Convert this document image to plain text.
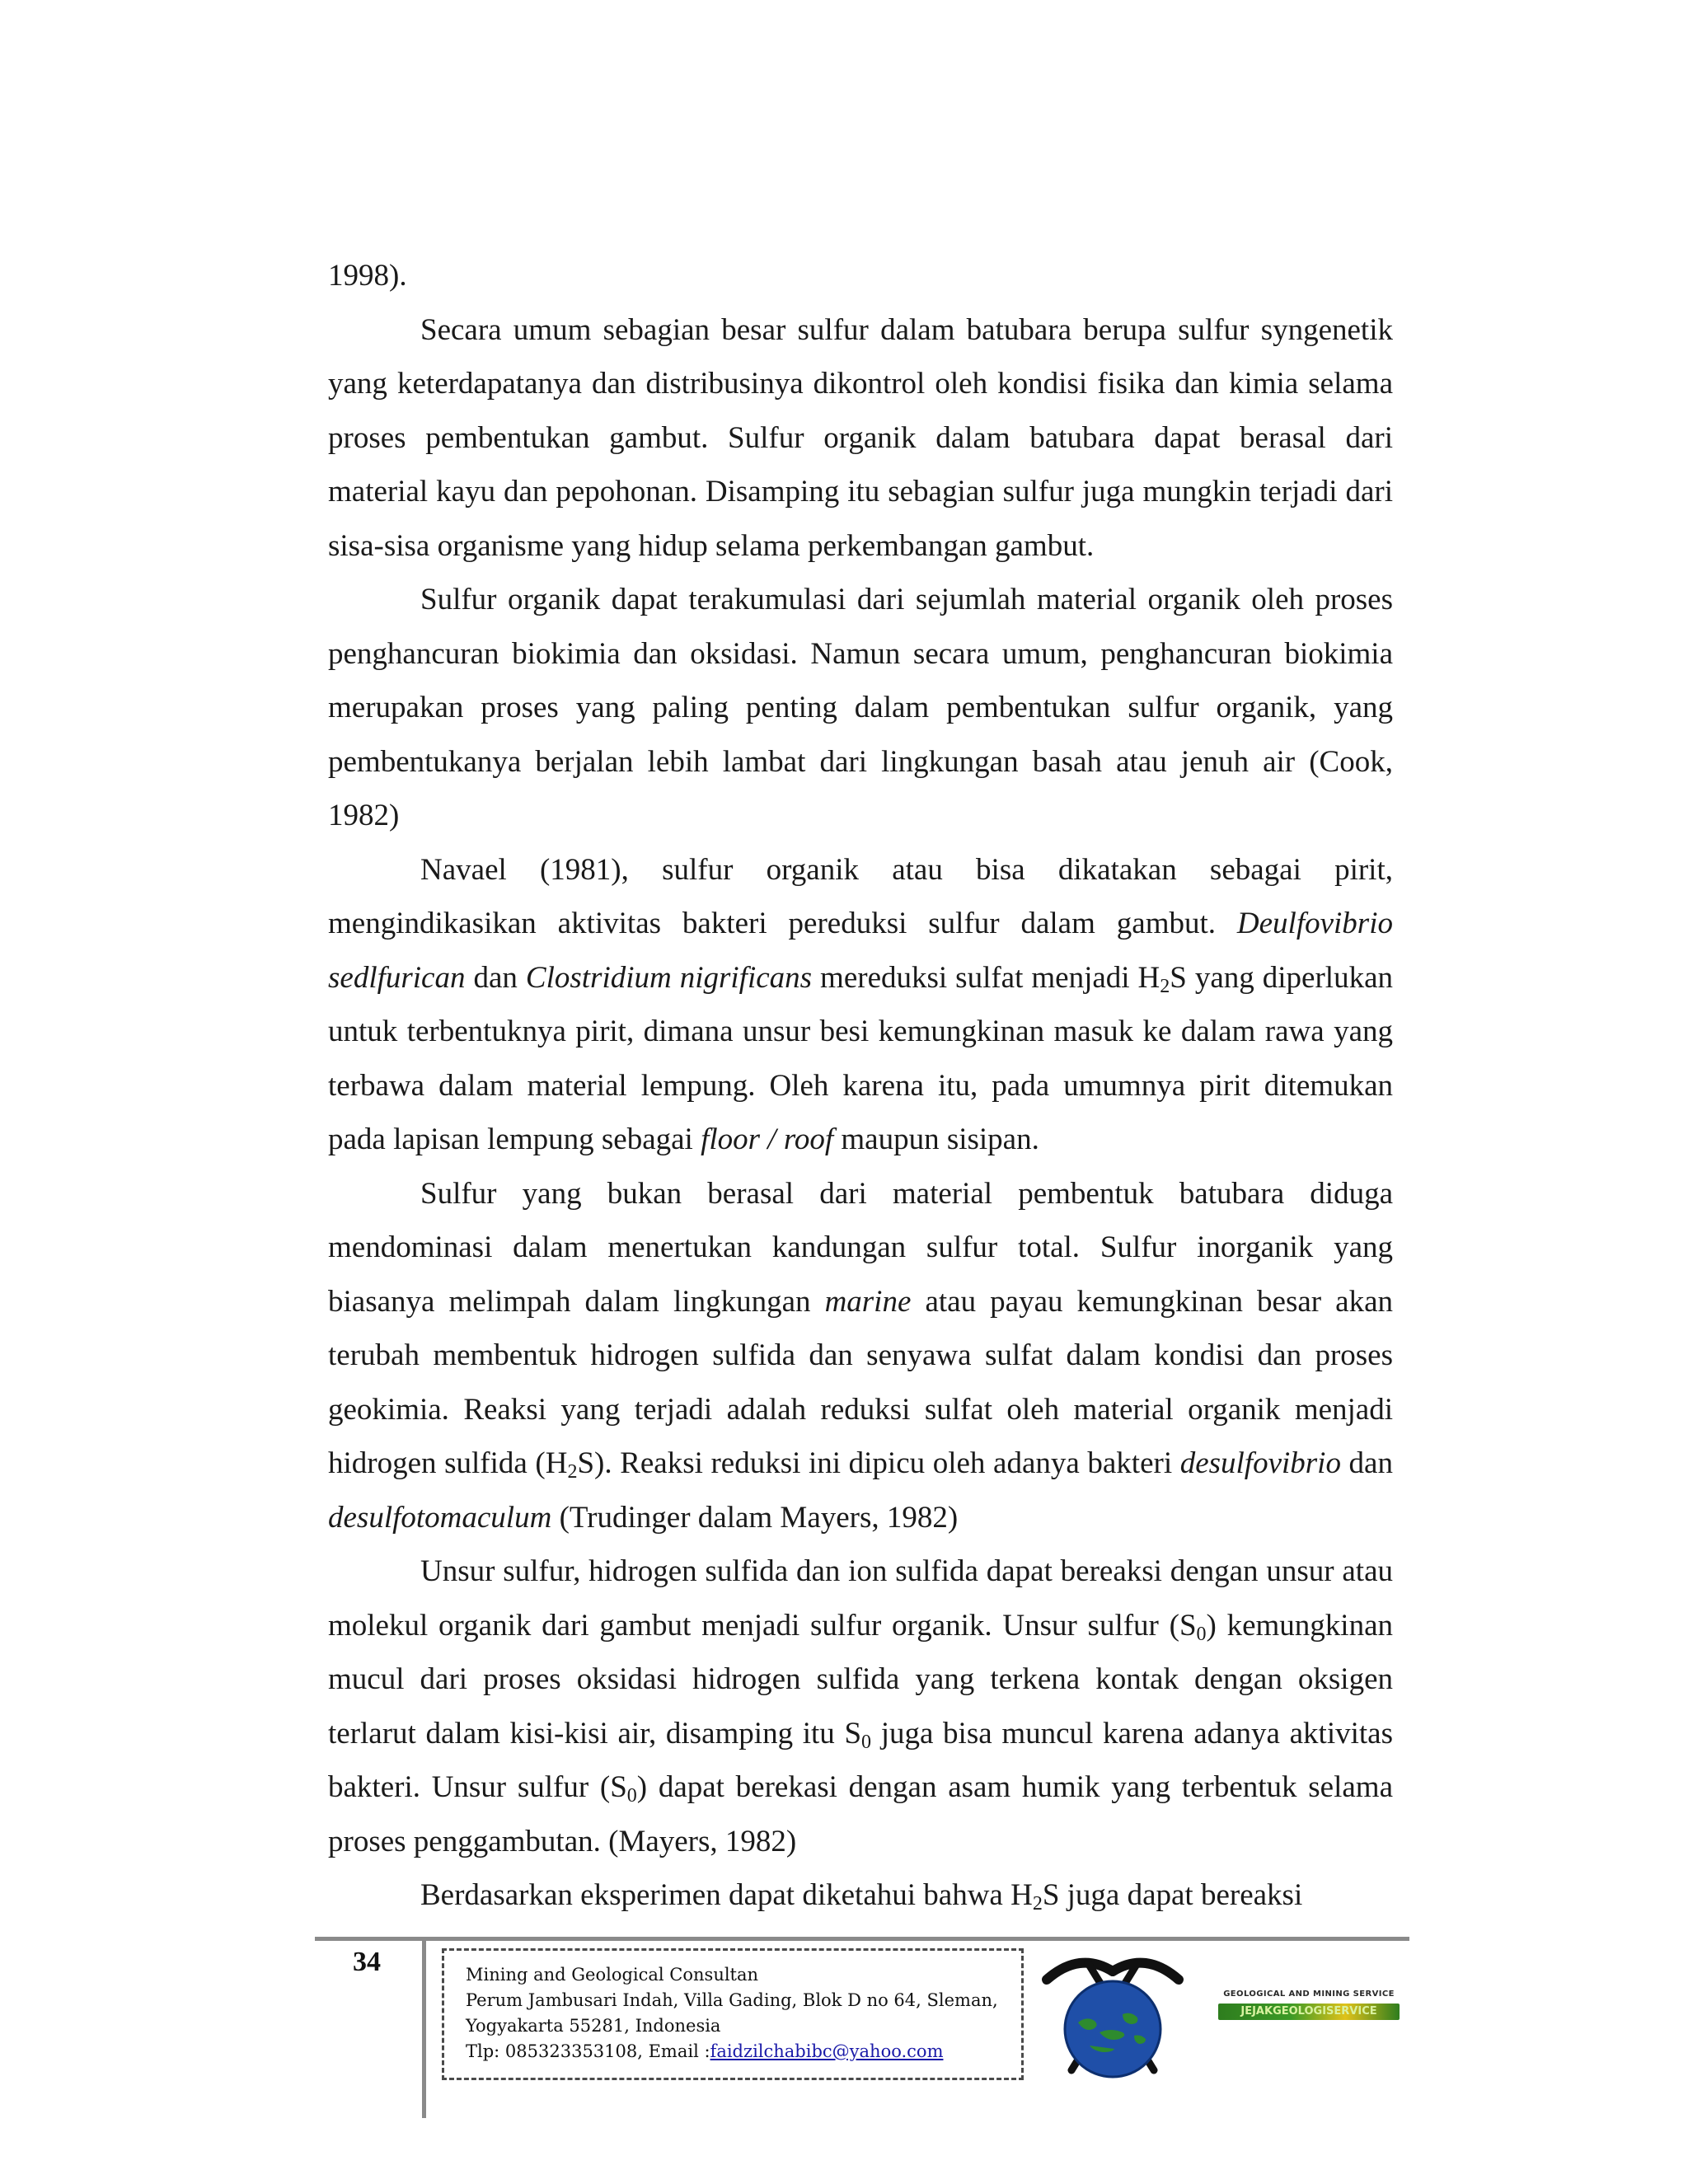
1998).

Secara umum sebagian besar sulfur dalam batubara berupa sulfur syngenetik yang keterdapatanya dan distribusinya dikontrol oleh kondisi fisika dan kimia selama proses pembentukan gambut. Sulfur organik dalam batubara dapat berasal dari material kayu dan pepohonan. Disamping itu sebagian sulfur juga mungkin terjadi dari sisa-sisa organisme yang hidup selama perkembangan gambut.

Sulfur organik dapat terakumulasi dari sejumlah material organik oleh proses penghancuran biokimia dan oksidasi. Namun secara umum, penghancuran biokimia merupakan proses yang paling penting dalam pembentukan sulfur organik, yang pembentukanya berjalan lebih lambat dari lingkungan basah atau jenuh air (Cook, 1982)

Navael (1981), sulfur organik atau bisa dikatakan sebagai pirit, mengindikasikan aktivitas bakteri pereduksi sulfur dalam gambut. Deulfovibrio sedlfurican dan Clostridium nigrificans mereduksi sulfat menjadi $H_2S$ yang diperlukan untuk terbentuknya pirit, dimana unsur besi kemungkinan masuk ke dalam rawa yang terbawa dalam material lempung. Oleh karena itu, pada umumnya pirit ditemukan pada lapisan lempung sebagai floor / roof maupun sisipan.

Sulfur yang bukan berasal dari material pembentuk batubara diduga mendominasi dalam menertukan kandungan sulfur total. Sulfur inorganik yang biasanya melimpah dalam lingkungan marine atau payau kemungkinan besar akan terubah membentuk hidrogen sulfida dan senyawa sulfat dalam kondisi dan proses geokimia. Reaksi yang terjadi adalah reduksi sulfat oleh material organik menjadi hidrogen sulfida $(H_2S)$. Reaksi reduksi ini dipicu oleh adanya bakteri desulfovibrio dan desulfotomaculum (Trudinger dalam Mayers, 1982)

Unsur sulfur, hidrogen sulfida dan ion sulfida dapat bereaksi dengan unsur atau molekul organik dari gambut menjadi sulfur organik. Unsur sulfur $(S_0)$ kemungkinan mucul dari proses oksidasi hidrogen sulfida yang terkena kontak dengan oksigen terlarut dalam kisi-kisi air, disamping itu $S_0$ juga bisa muncul karena adanya aktivitas bakteri. Unsur sulfur $(S_0)$ dapat berekasi dengan asam humik yang terbentuk selama proses penggambutan. (Mayers, 1982)

Berdasarkan eksperimen dapat diketahui bahwa $H_2S$ juga dapat bereaksi

34	Mining and Geological Consultan
Perum Jambusari Indah, Villa Gading, Blok D no 64, Sleman,
Yogyakarta 55281, Indonesia
Tlp: 085323353108, Email :faidzilchabibc@yahoo.com
GEOLOGICAL AND MINING SERVICE
JEJAKGEOLOGISERVICE
